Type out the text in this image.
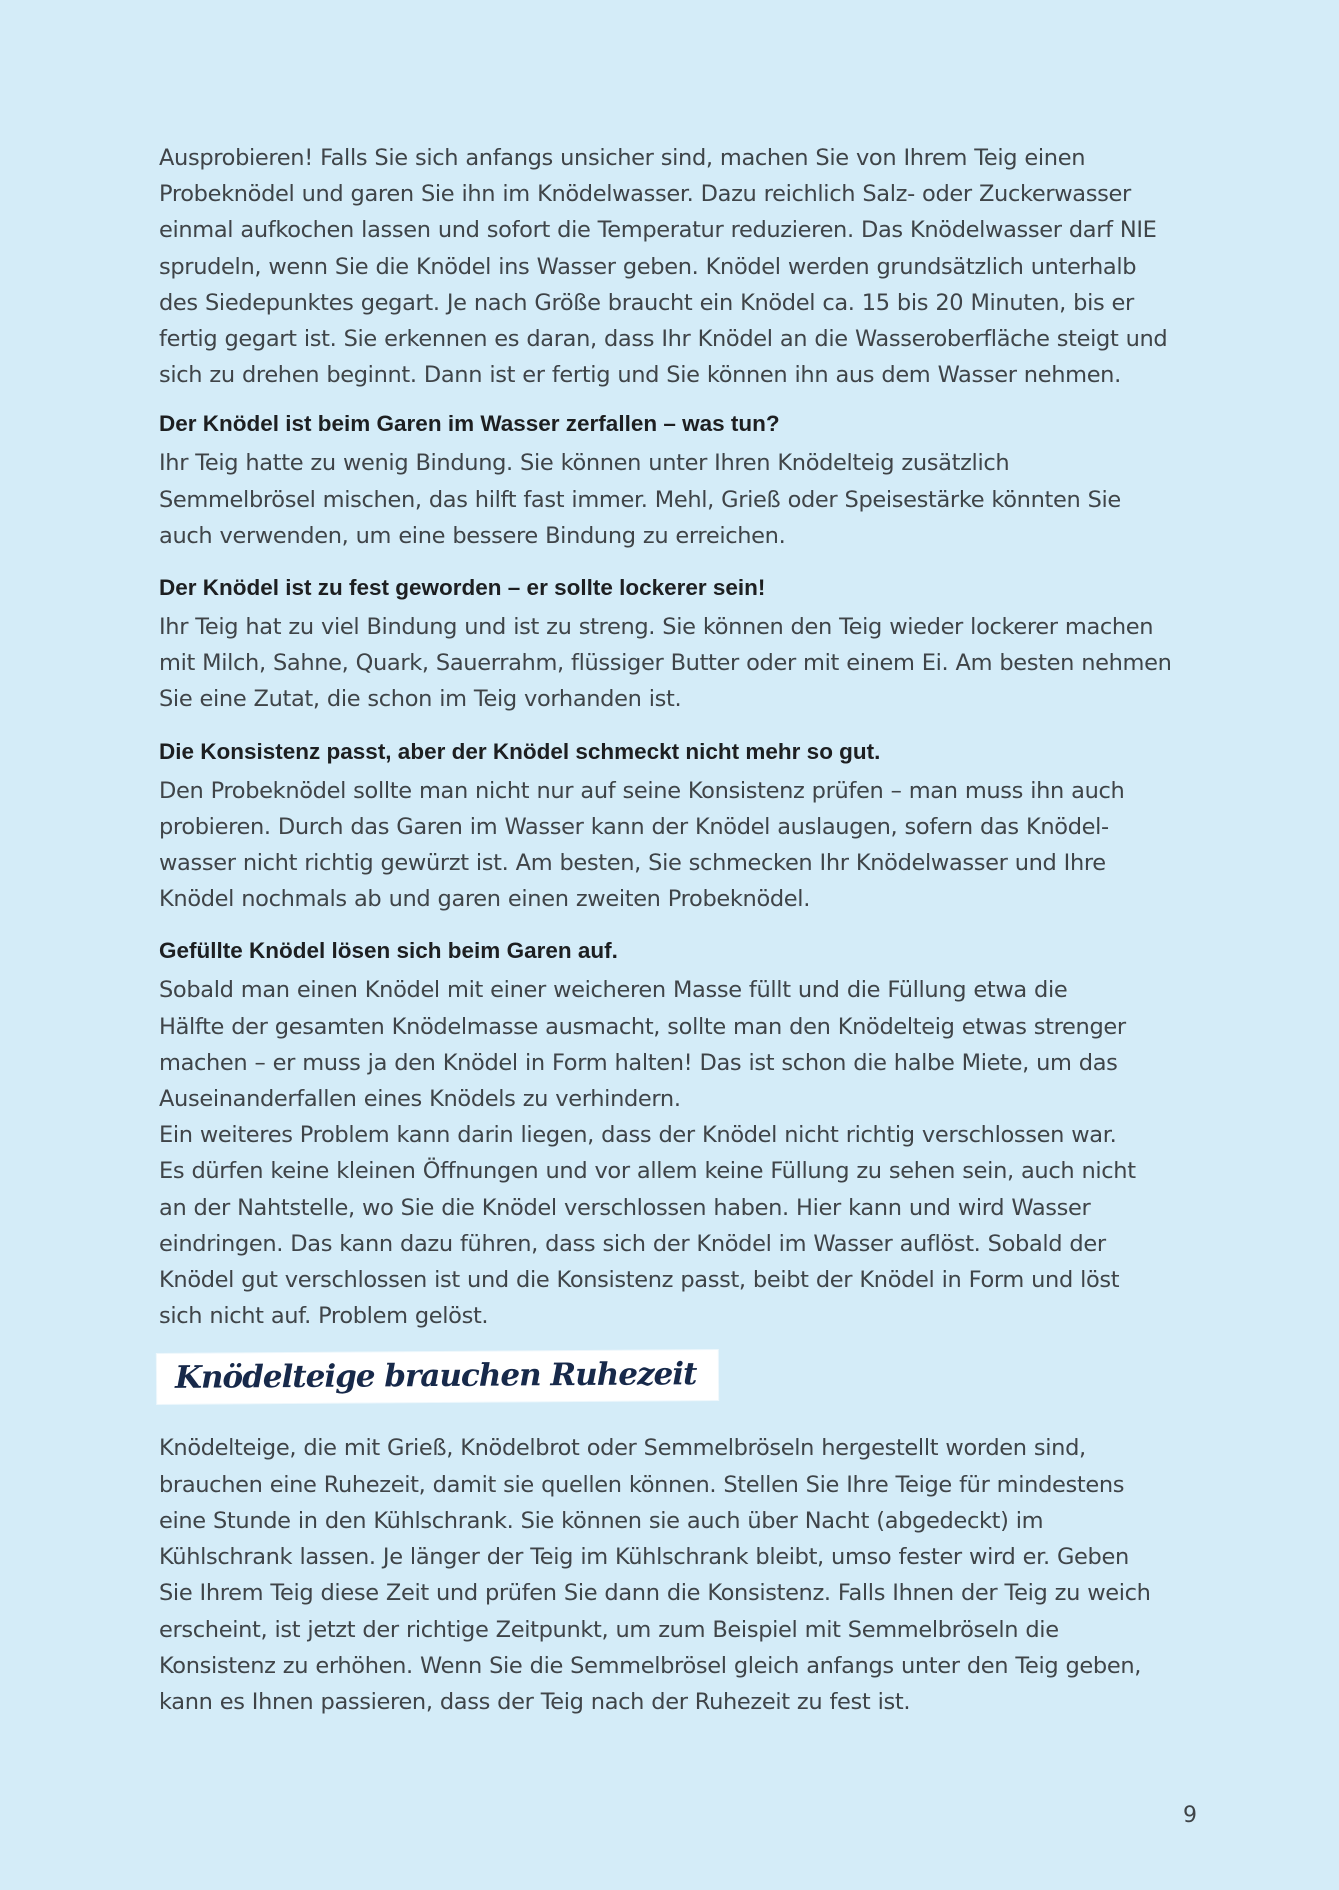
Ausprobieren! Falls Sie sich anfangs unsicher sind, machen Sie von Ihrem Teig einen
Probeknödel und garen Sie ihn im Knödelwasser. Dazu reichlich Salz- oder Zuckerwasser
einmal aufkochen lassen und sofort die Temperatur reduzieren. Das Knödelwasser darf NIE
sprudeln, wenn Sie die Knödel ins Wasser geben. Knödel werden grundsätzlich unterhalb
des Siedepunktes gegart. Je nach Größe braucht ein Knödel ca. 15 bis 20 Minuten, bis er
fertig gegart ist. Sie erkennen es daran, dass Ihr Knödel an die Wasseroberfläche steigt und
sich zu drehen beginnt. Dann ist er fertig und Sie können ihn aus dem Wasser nehmen.

Der Knödel ist beim Garen im Wasser zerfallen – was tun?

Ihr Teig hatte zu wenig Bindung. Sie können unter Ihren Knödelteig zusätzlich
Semmelbrösel mischen, das hilft fast immer. Mehl, Grieß oder Speisestärke könnten Sie
auch verwenden, um eine bessere Bindung zu erreichen.

Der Knödel ist zu fest geworden – er sollte lockerer sein!

Ihr Teig hat zu viel Bindung und ist zu streng. Sie können den Teig wieder lockerer machen
mit Milch, Sahne, Quark, Sauerrahm, flüssiger Butter oder mit einem Ei. Am besten nehmen
Sie eine Zutat, die schon im Teig vorhanden ist.

Die Konsistenz passt, aber der Knödel schmeckt nicht mehr so gut.

Den Probeknödel sollte man nicht nur auf seine Konsistenz prüfen – man muss ihn auch
probieren. Durch das Garen im Wasser kann der Knödel auslaugen, sofern das Knödel-
wasser nicht richtig gewürzt ist. Am besten, Sie schmecken Ihr Knödelwasser und Ihre
Knödel nochmals ab und garen einen zweiten Probeknödel.

Gefüllte Knödel lösen sich beim Garen auf.

Sobald man einen Knödel mit einer weicheren Masse füllt und die Füllung etwa die
Hälfte der gesamten Knödelmasse ausmacht, sollte man den Knödelteig etwas strenger
machen – er muss ja den Knödel in Form halten! Das ist schon die halbe Miete, um das
Auseinanderfallen eines Knödels zu verhindern.
Ein weiteres Problem kann darin liegen, dass der Knödel nicht richtig verschlossen war.
Es dürfen keine kleinen Öffnungen und vor allem keine Füllung zu sehen sein, auch nicht
an der Nahtstelle, wo Sie die Knödel verschlossen haben. Hier kann und wird Wasser
eindringen. Das kann dazu führen, dass sich der Knödel im Wasser auflöst. Sobald der
Knödel gut verschlossen ist und die Konsistenz passt, beibt der Knödel in Form und löst
sich nicht auf. Problem gelöst.

Knödelteige brauchen Ruhezeit

Knödelteige, die mit Grieß, Knödelbrot oder Semmelbröseln hergestellt worden sind,
brauchen eine Ruhezeit, damit sie quellen können. Stellen Sie Ihre Teige für mindestens
eine Stunde in den Kühlschrank. Sie können sie auch über Nacht (abgedeckt) im
Kühlschrank lassen. Je länger der Teig im Kühlschrank bleibt, umso fester wird er. Geben
Sie Ihrem Teig diese Zeit und prüfen Sie dann die Konsistenz. Falls Ihnen der Teig zu weich
erscheint, ist jetzt der richtige Zeitpunkt, um zum Beispiel mit Semmelbröseln die
Konsistenz zu erhöhen. Wenn Sie die Semmelbrösel gleich anfangs unter den Teig geben,
kann es Ihnen passieren, dass der Teig nach der Ruhezeit zu fest ist.

9
